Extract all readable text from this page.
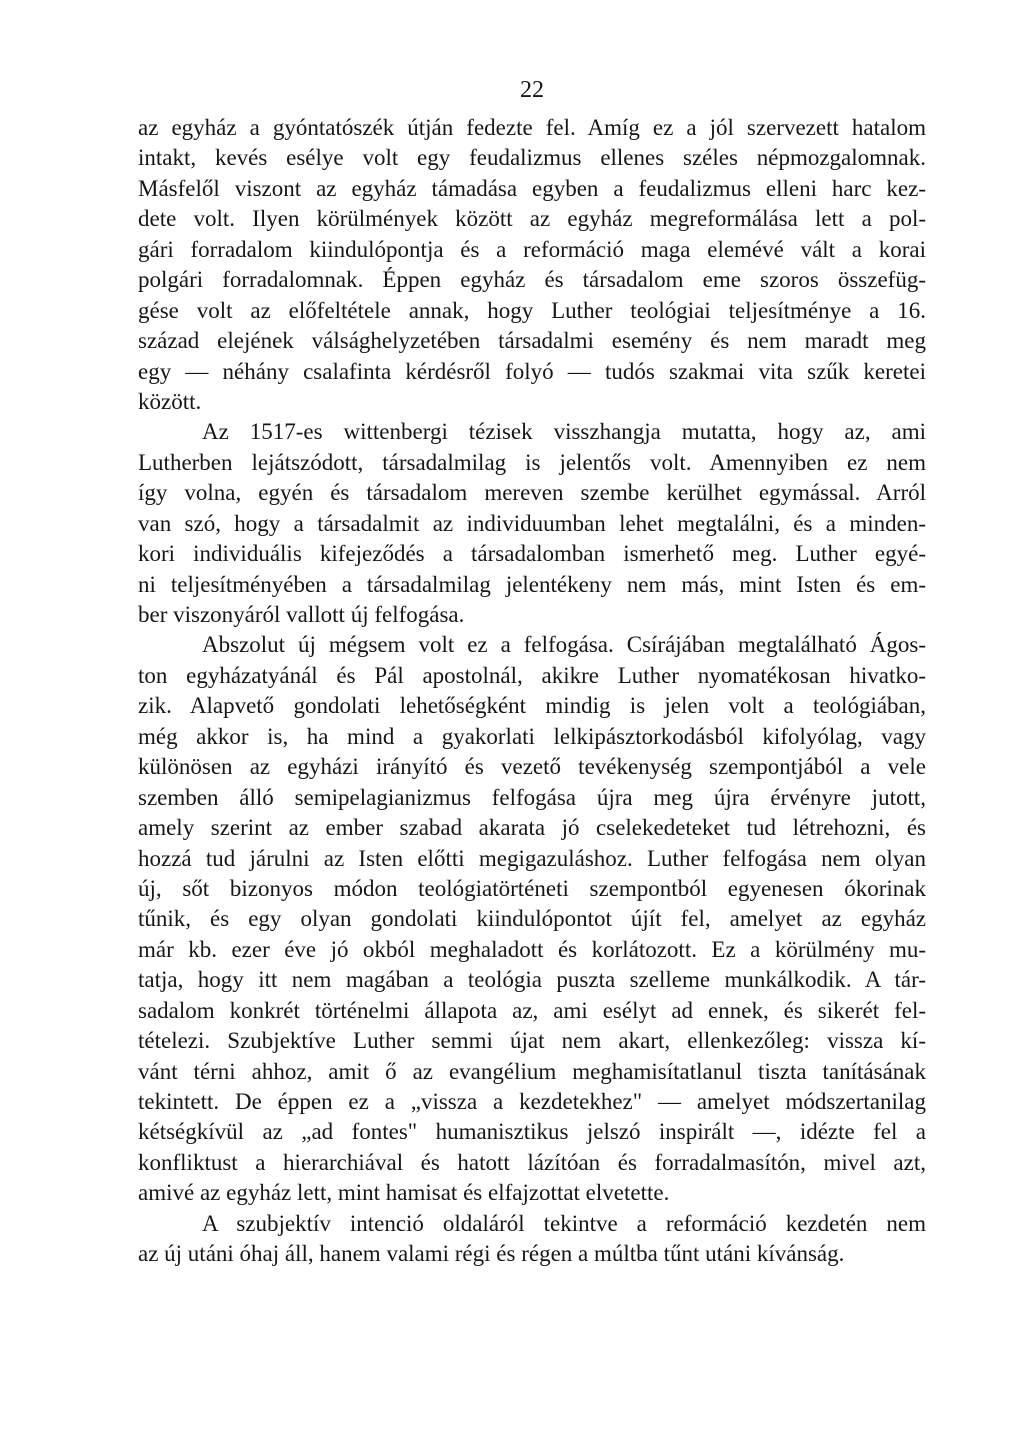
22
az egyház a gyóntatószék útján fedezte fel. Amíg ez a jól szervezett hatalom
intakt, kevés esélye volt egy feudalizmus ellenes széles népmozgalomnak.
Másfelől viszont az egyház támadása egyben a feudalizmus elleni harc kez-
dete volt. Ilyen körülmények között az egyház megreformálása lett a pol-
gári forradalom kiindulópontja és a reformáció maga elemévé vált a korai
polgári forradalomnak. Éppen egyház és társadalom eme szoros összefüg-
gése volt az előfeltétele annak, hogy Luther teológiai teljesítménye a 16.
század elejének válsághelyzetében társadalmi esemény és nem maradt meg
egy — néhány csalafinta kérdésről folyó — tudós szakmai vita szűk keretei
között.
Az 1517-es wittenbergi tézisek visszhangja mutatta, hogy az, ami
Lutherben lejátszódott, társadalmilag is jelentős volt. Amennyiben ez nem
így volna, egyén és társadalom mereven szembe kerülhet egymással. Arról
van szó, hogy a társadalmit az individuumban lehet megtalálni, és a minden-
kori individuális kifejeződés a társadalomban ismerhető meg. Luther egyé-
ni teljesítményében a társadalmilag jelentékeny nem más, mint Isten és em-
ber viszonyáról vallott új felfogása.
Abszolut új mégsem volt ez a felfogása. Csírájában megtalálható Ágos-
ton egyházatyánál és Pál apostolnál, akikre Luther nyomatékosan hivatko-
zik. Alapvető gondolati lehetőségként mindig is jelen volt a teológiában,
még akkor is, ha mind a gyakorlati lelkipásztorkodásból kifolyólag, vagy
különösen az egyházi irányító és vezető tevékenység szempontjából a vele
szemben álló semipelagianizmus felfogása újra meg újra érvényre jutott,
amely szerint az ember szabad akarata jó cselekedeteket tud létrehozni, és
hozzá tud járulni az Isten előtti megigazuláshoz. Luther felfogása nem olyan
új, sőt bizonyos módon teológiatörténeti szempontból egyenesen ókorinak
tűnik, és egy olyan gondolati kiindulópontot újít fel, amelyet az egyház
már kb. ezer éve jó okból meghaladott és korlátozott. Ez a körülmény mu-
tatja, hogy itt nem magában a teológia puszta szelleme munkálkodik. A tár-
sadalom konkrét történelmi állapota az, ami esélyt ad ennek, és sikerét fel-
tételezi. Szubjektíve Luther semmi újat nem akart, ellenkezőleg: vissza kí-
vánt térni ahhoz, amit ő az evangélium meghamisítatlanul tiszta tanításának
tekintett. De éppen ez a „vissza a kezdetekhez" — amelyet módszertanilag
kétségkívül az „ad fontes" humanisztikus jelszó inspirált —, idézte fel a
konfliktust a hierarchiával és hatott lázítóan és forradalmasítón, mivel azt,
amivé az egyház lett, mint hamisat és elfajzottat elvetette.
A szubjektív intenció oldaláról tekintve a reformáció kezdetén nem
az új utáni óhaj áll, hanem valami régi és régen a múltba tűnt utáni kívánság.
